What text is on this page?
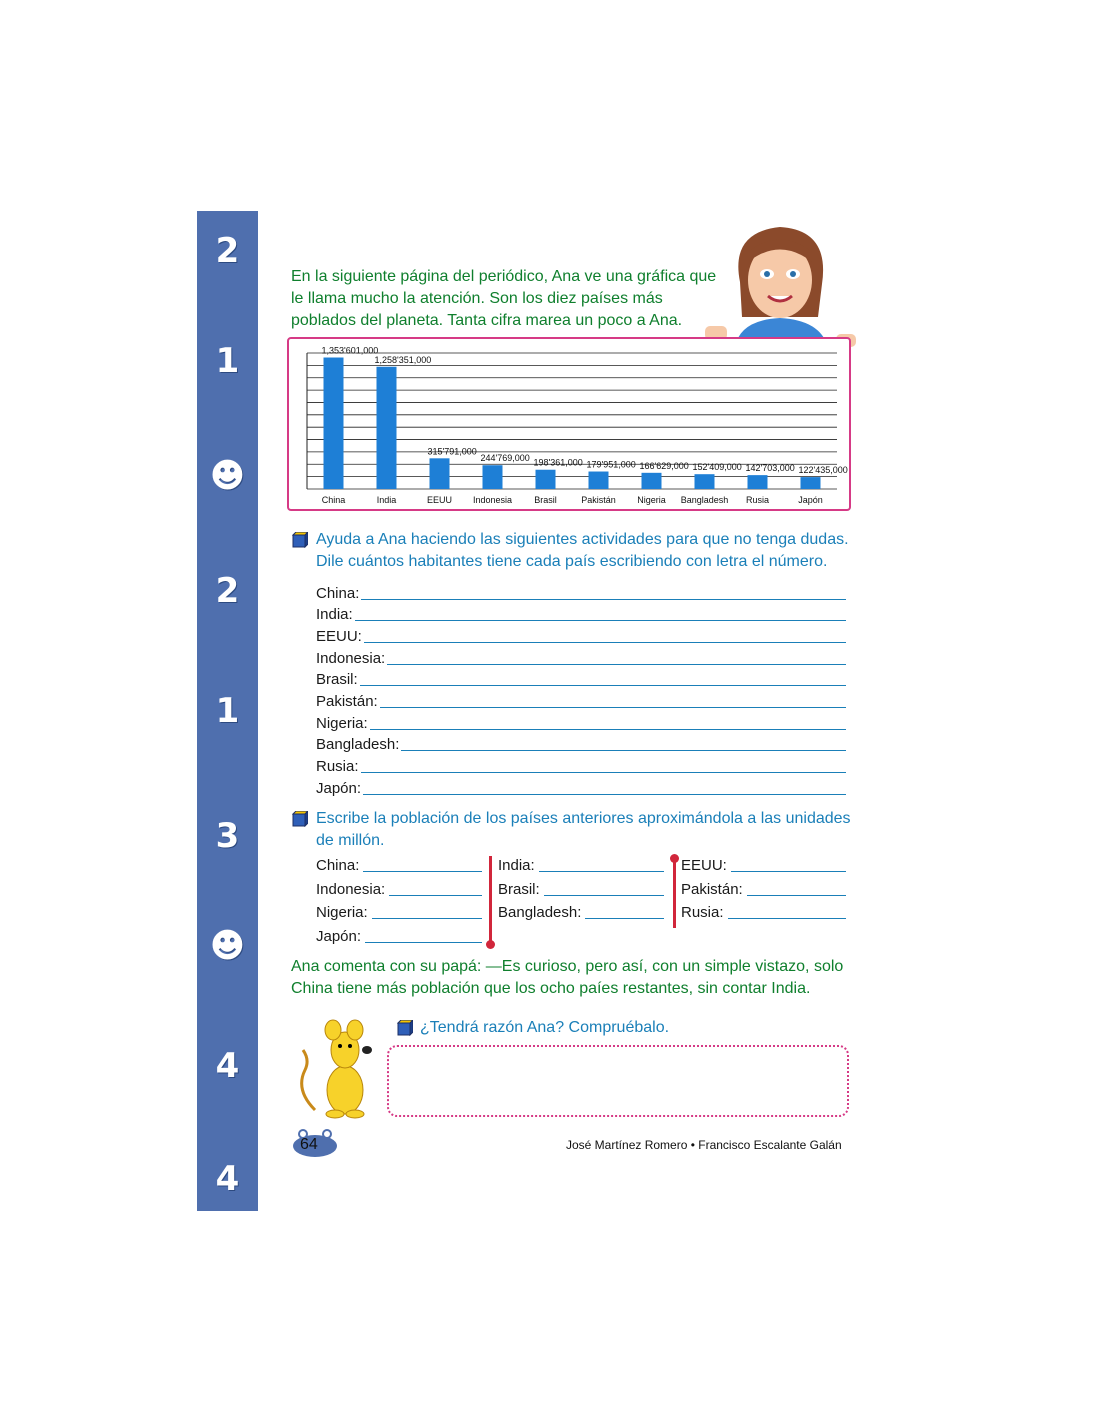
2
1
☻
2
1
3
☻
4
4

En la siguiente página del periódico, Ana ve una gráfica que le llama mucho la atención. Son los diez países más poblados del planeta. Tanta cifra marea un poco a Ana.

1,353'601,000
China
1,258'351,000
India
315'791,000
EEUU
244'769,000
Indonesia
198'361,000
Brasil
179'951,000
Pakistán
166'629,000
Nigeria
152'409,000
Bangladesh
142'703,000
Rusia
122'435,000
Japón

Ayuda a Ana haciendo las siguientes actividades para que no tenga dudas. Dile cuántos habitantes tiene cada país escribiendo con letra el número.

China:
India:
EEUU:
Indonesia:
Brasil:
Pakistán:
Nigeria:
Bangladesh:
Rusia:
Japón:

Escribe la población de los países anteriores aproximándola a las unidades de millón.

China:
Indonesia:
Nigeria:
Japón:
India:
Brasil:
Bangladesh:
EEUU:
Pakistán:
Rusia:

Ana comenta con su papá: —Es curioso, pero así, con un simple vistazo, solo China tiene más población que los ocho paíes restantes, sin contar India.

¿Tendrá razón Ana? Compruébalo.

64	José Martínez Romero • Francisco Escalante Galán
